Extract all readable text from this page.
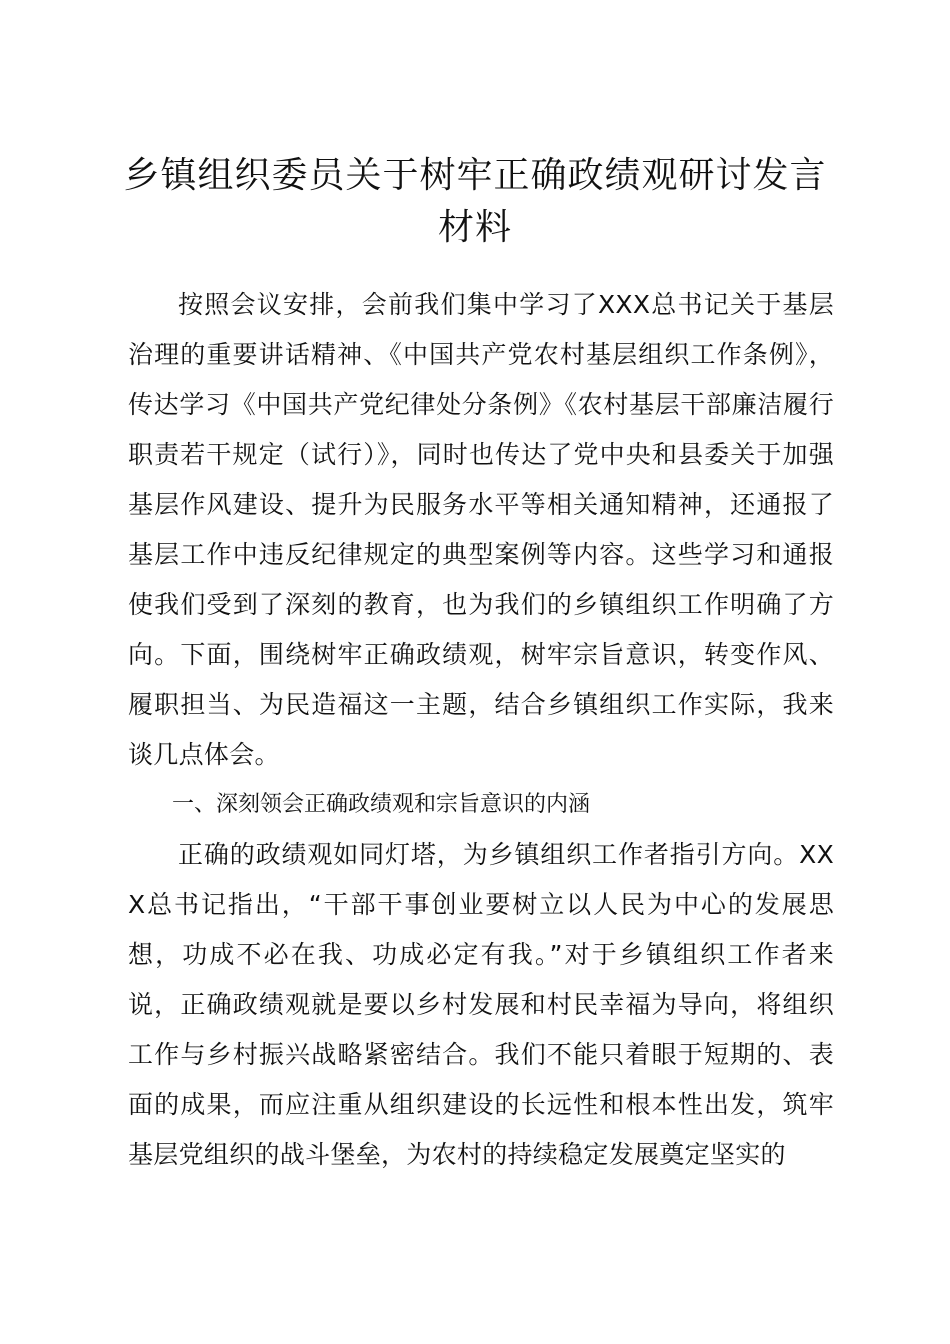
乡镇组织委员关于树牢正确政绩观研讨发言材料

按照会议安排，会前我们集中学习了XXX总书记关于基层治理的重要讲话精神、《中国共产党农村基层组织工作条例》，传达学习《中国共产党纪律处分条例》《农村基层干部廉洁履行职责若干规定（试行）》，同时也传达了党中央和县委关于加强基层作风建设、提升为民服务水平等相关通知精神，还通报了基层工作中违反纪律规定的典型案例等内容。这些学习和通报使我们受到了深刻的教育，也为我们的乡镇组织工作明确了方向。下面，围绕树牢正确政绩观，树牢宗旨意识，转变作风、履职担当、为民造福这一主题，结合乡镇组织工作实际，我来谈几点体会。

一、深刻领会正确政绩观和宗旨意识的内涵

正确的政绩观如同灯塔，为乡镇组织工作者指引方向。XXX总书记指出，“干部干事创业要树立以人民为中心的发展思想，功成不必在我、功成必定有我。”对于乡镇组织工作者来说，正确政绩观就是要以乡村发展和村民幸福为导向，将组织工作与乡村振兴战略紧密结合。我们不能只着眼于短期的、表面的成果，而应注重从组织建设的长远性和根本性出发，筑牢基层党组织的战斗堡垒，为农村的持续稳定发展奠定坚实的
